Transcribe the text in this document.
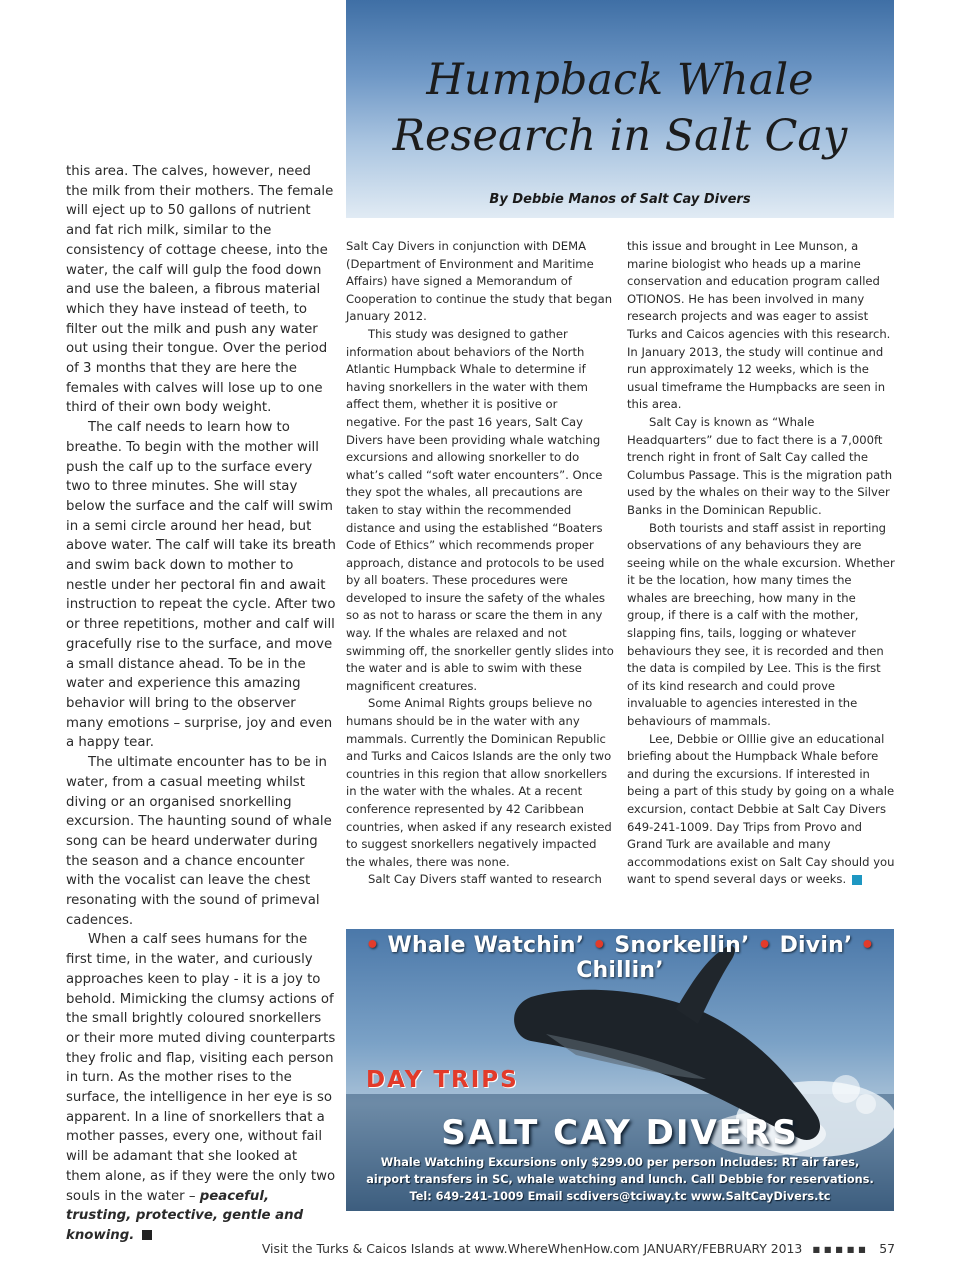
Humpback Whale
Research in Salt Cay
By Debbie Manos of Salt Cay Divers

this area. The calves, however, need the milk from their mothers. The female will eject up to 50 gallons of nutrient and fat rich milk, similar to the consistency of cottage cheese, into the water, the calf will gulp the food down and use the baleen, a fibrous material which they have instead of teeth, to filter out the milk and push any water out using their tongue. Over the period of 3 months that they are here the females with calves will lose up to one third of their own body weight.

The calf needs to learn how to breathe. To begin with the mother will push the calf up to the surface every two to three minutes. She will stay below the surface and the calf will swim in a semi circle around her head, but above water. The calf will take its breath and swim back down to mother to nestle under her pectoral fin and await instruction to repeat the cycle. After two or three repetitions, mother and calf will gracefully rise to the surface, and move a small distance ahead. To be in the water and experience this amazing behavior will bring to the observer many emotions – surprise, joy and even a happy tear.

The ultimate encounter has to be in water, from a casual meeting whilst diving or an organised snorkelling excursion. The haunting sound of whale song can be heard underwater during the season and a chance encounter with the vocalist can leave the chest resonating with the sound of primeval cadences.

When a calf sees humans for the first time, in the water, and curiously approaches keen to play - it is a joy to behold. Mimicking the clumsy actions of the small brightly coloured snorkellers or their more muted diving counterparts they frolic and flap, visiting each person in turn. As the mother rises to the surface, the intelligence in her eye is so apparent. In a line of snorkellers that a mother passes, every one, without fail will be adamant that she looked at them alone, as if they were the only two souls in the water – peaceful, trusting, protective, gentle and knowing.

Salt Cay Divers in conjunction with DEMA (Department of Environment and Maritime Affairs) have signed a Memorandum of Cooperation to continue the study that began January 2012.

This study was designed to gather information about behaviors of the North Atlantic Humpback Whale to determine if having snorkellers in the water with them affect them, whether it is positive or negative. For the past 16 years, Salt Cay Divers have been providing whale watching excursions and allowing snorkeller to do what’s called “soft water encounters”. Once they spot the whales, all precautions are taken to stay within the recommended distance and using the established “Boaters Code of Ethics” which recommends proper approach, distance and protocols to be used by all boaters. These procedures were developed to insure the safety of the whales so as not to harass or scare the them in any way. If the whales are relaxed and not swimming off, the snorkeller gently slides into the water and is able to swim with these magnificent creatures.

Some Animal Rights groups believe no humans should be in the water with any mammals. Currently the Dominican Republic and Turks and Caicos Islands are the only two countries in this region that allow snorkellers in the water with the whales. At a recent conference represented by 42 Caribbean countries, when asked if any research existed to suggest snorkellers negatively impacted the whales, there was none.

Salt Cay Divers staff wanted to research

this issue and brought in Lee Munson, a marine biologist who heads up a marine conservation and education program called OTIONOS. He has been involved in many research projects and was eager to assist Turks and Caicos agencies with this research. In January 2013, the study will continue and run approximately 12 weeks, which is the usual timeframe the Humpbacks are seen in this area.

Salt Cay is known as “Whale Headquarters” due to fact there is a 7,000ft trench right in front of Salt Cay called the Columbus Passage. This is the migration path used by the whales on their way to the Silver Banks in the Dominican Republic.

Both tourists and staff assist in reporting observations of any behaviours they are seeing while on the whale excursion. Whether it be the location, how many times the whales are breeching, how many in the group, if there is a calf with the mother, slapping fins, tails, logging or whatever behaviours they see, it is recorded and then the data is compiled by Lee. This is the first of its kind research and could prove invaluable to agencies interested in the behaviours of mammals.

Lee, Debbie or Olllie give an educational briefing about the Humpback Whale before and during the excursions. If interested in being a part of this study by going on a whale excursion, contact Debbie at Salt Cay Divers 649-241-1009. Day Trips from Provo and Grand Turk are available and many accommodations exist on Salt Cay should you want to spend several days or weeks.

• Whale Watchin’ • Snorkellin’ • Divin’ • Chillin’
DAY TRIPS
SALT CAY DIVERS
Whale Watching Excursions only $299.00 per person Includes: RT air fares,
airport transfers in SC, whale watching and lunch. Call Debbie for reservations.
Tel: 649-241-1009 Email scdivers@tciway.tc www.SaltCayDivers.tc
Visit the Turks & Caicos Islands at www.WhereWhenHow.com JANUARY/FEBRUARY 2013 ▪▪▪▪▪ 57
